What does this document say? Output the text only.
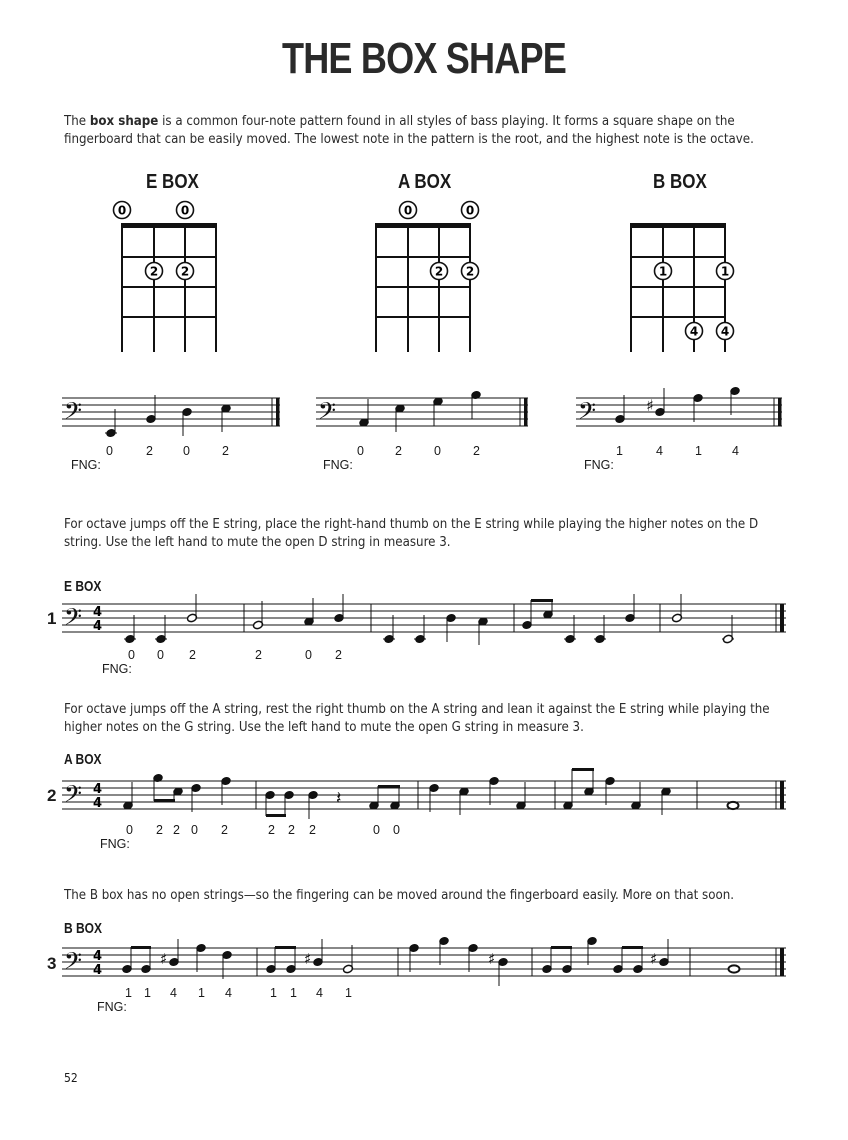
THE BOX SHAPE
The box shape is a common four-note pattern found in all styles of bass playing. It forms a square shape on the fingerboard that can be easily moved. The lowest note in the pattern is the root, and the highest note is the octave.
E BOX	A BOX	B BOX
0	0
2 2
0	0
2 2	1	1
4 4
𝄢	𝄢	𝄢	♯

FNG:

0

	2

0

	2

FNG:

0

2

	0

	2

FNG:

1

	4

	1

4

For octave jumps off the E string, place the right-hand thumb on the E string while playing the higher notes on the D string. Use the left hand to mute the open D string in measure 3.
E BOX
1 𝄢 4
4

FNG:

0

0

2

	2

	0

2

For octave jumps off the A string, rest the right thumb on the A string and lean it against the E string while playing the higher notes on the G string. Use the left hand to mute the open G string in measure 3.
A BOX
2 𝄢 4
4	𝄽

FNG:

0

2

2

0

2

	2

2

2

	0

0

The B box has no open strings—so the fingering can be moved around the fingerboard easily. More on that soon.
B BOX
3 𝄢 4
4
♯	♯	♯	♯

FNG:

1

1

4

1

4

	1

1

4

1

52
